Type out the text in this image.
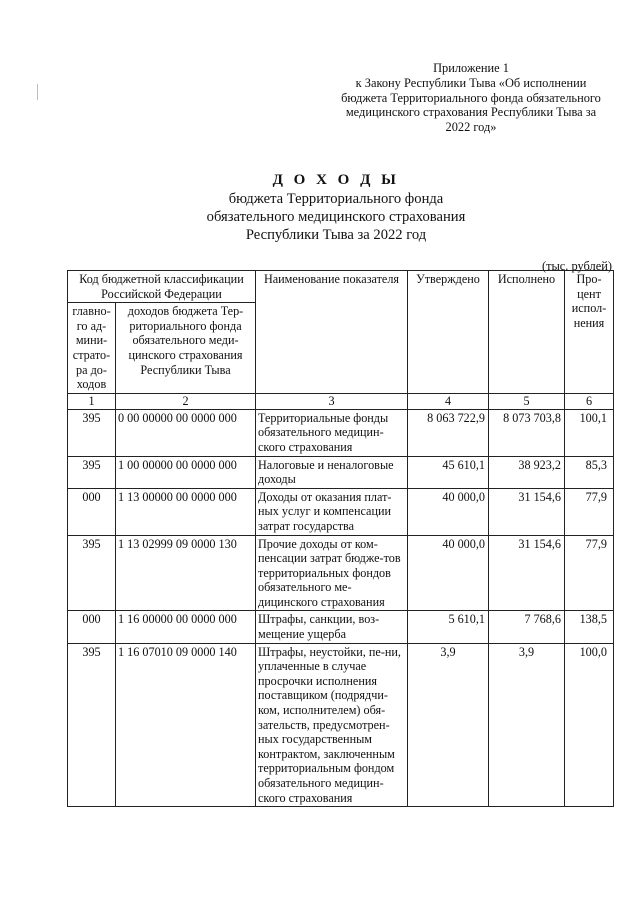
Приложение 1
к Закону Республики Тыва «Об исполнении
бюджета Территориального фонда обязательного
медицинского страхования Республики Тыва за
2022 год»
Д О Х О Д Ы
бюджета Территориального фонда
обязательного медицинского страхования
Республики Тыва за 2022 год
(тыс. рублей)
Код бюджетной классификации Российской Федерации		Наименование показателя	Утверждено	Исполнено	Про-цент испол-нения
главно-го ад-мини-страто-ра до-ходов	доходов бюджета Тер-риториального фонда обязательного меди-цинского страхования Республики Тыва				
1	2	3	4	5	6
395	0 00 00000 00 0000 000	Территориальные фонды обязательного медицин-ского страхования	8 063 722,9	8 073 703,8	100,1
395	1 00 00000 00 0000 000	Налоговые и неналоговые доходы	45 610,1	38 923,2	85,3
000	1 13 00000 00 0000 000	Доходы от оказания плат-ных услуг и компенсации затрат государства	40 000,0	31 154,6	77,9
395	1 13 02999 09 0000 130	Прочие доходы от ком-пенсации затрат бюдже-тов территориальных фондов обязательного ме-дицинского страхования	40 000,0	31 154,6	77,9
000	1 16 00000 00 0000 000	Штрафы, санкции, воз-мещение ущерба	5 610,1	7 768,6	138,5
395	1 16 07010 09 0000 140	Штрафы, неустойки, пе-ни, уплаченные в случае просрочки исполнения поставщиком (подрядчи-ком, исполнителем) обя-зательств, предусмотрен-ных государственным контрактом, заключенным территориальным фондом обязательного медицин-ского страхования	3,9	3,9	100,0
